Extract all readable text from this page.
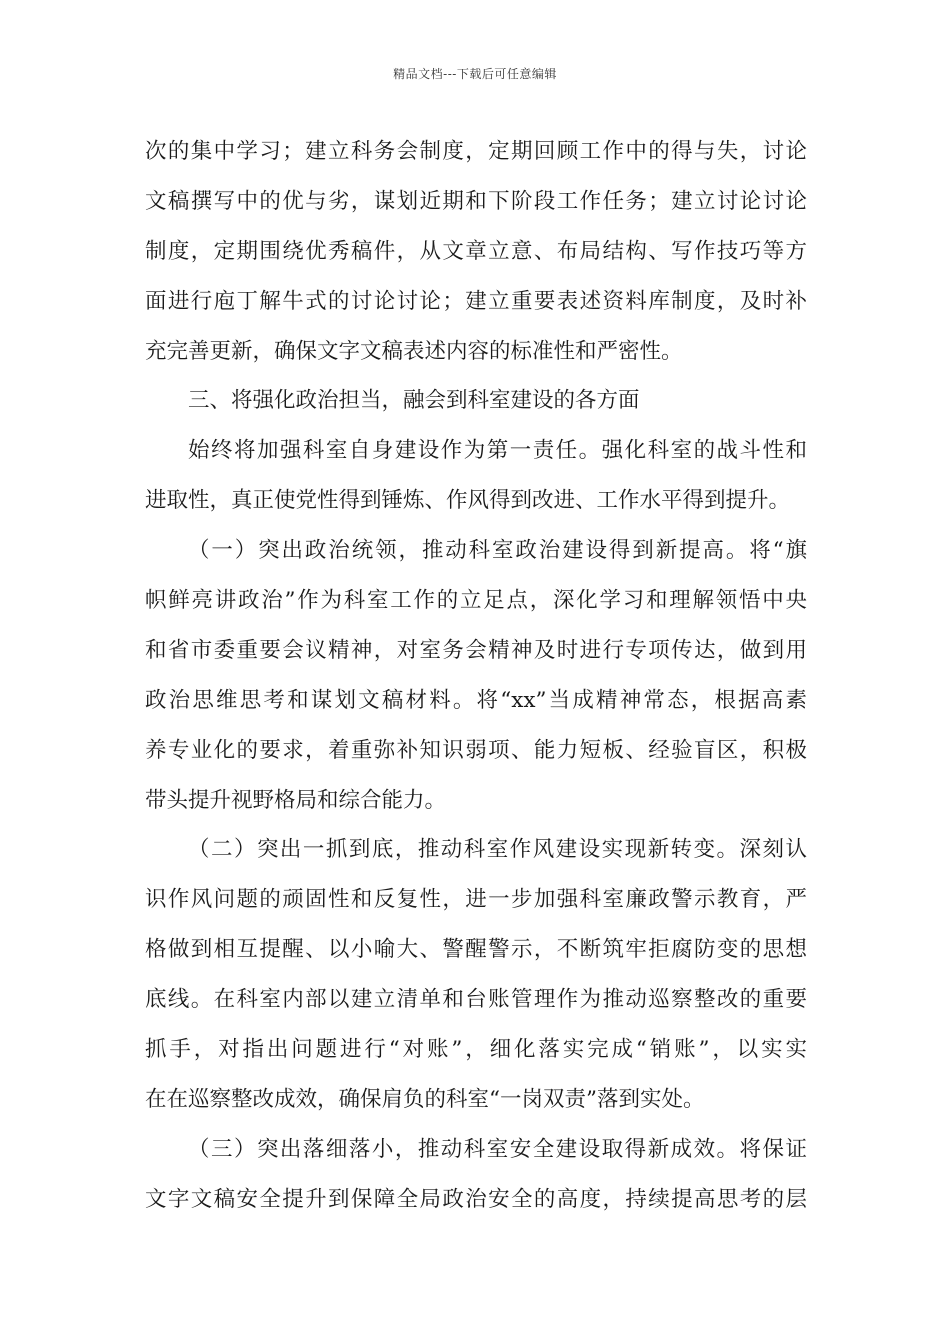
精品文档---下载后可任意编辑
次的集中学习；建立科务会制度，定期回顾工作中的得与失，讨论
文稿撰写中的优与劣，谋划近期和下阶段工作任务；建立讨论讨论
制度，定期围绕优秀稿件，从文章立意、布局结构、写作技巧等方
面进行庖丁解牛式的讨论讨论；建立重要表述资料库制度，及时补
充完善更新，确保文字文稿表述内容的标准性和严密性。
三、将强化政治担当，融会到科室建设的各方面
始终将加强科室自身建设作为第一责任。强化科室的战斗性和
进取性，真正使党性得到锤炼、作风得到改进、工作水平得到提升。
（一）突出政治统领，推动科室政治建设得到新提高。将“旗
帜鲜亮讲政治”作为科室工作的立足点，深化学习和理解领悟中央
和省市委重要会议精神，对室务会精神及时进行专项传达，做到用
政治思维思考和谋划文稿材料。将“xx”当成精神常态，根据高素
养专业化的要求，着重弥补知识弱项、能力短板、经验盲区，积极
带头提升视野格局和综合能力。
（二）突出一抓到底，推动科室作风建设实现新转变。深刻认
识作风问题的顽固性和反复性，进一步加强科室廉政警示教育，严
格做到相互提醒、以小喻大、警醒警示，不断筑牢拒腐防变的思想
底线。在科室内部以建立清单和台账管理作为推动巡察整改的重要
抓手，对指出问题进行“对账”，细化落实完成“销账”，以实实
在在巡察整改成效，确保肩负的科室“一岗双责”落到实处。
（三）突出落细落小，推动科室安全建设取得新成效。将保证
文字文稿安全提升到保障全局政治安全的高度，持续提高思考的层
